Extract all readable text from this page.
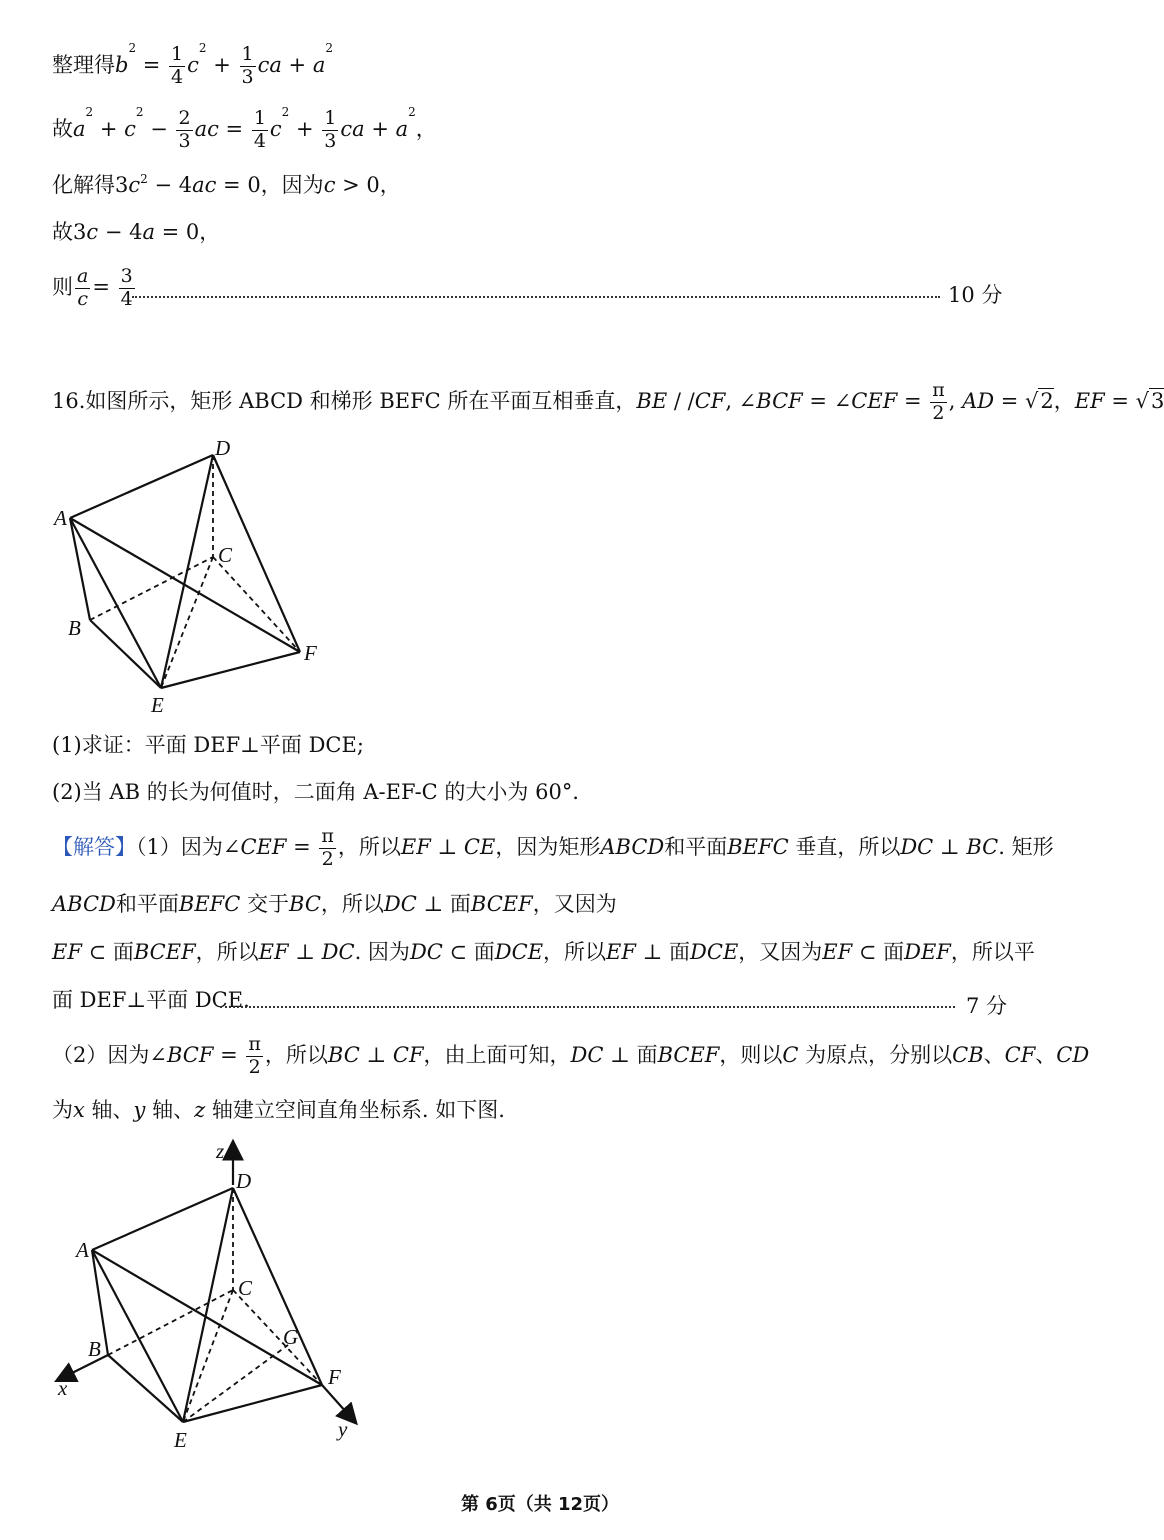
整理得$b^2 = \frac{1}{4} c^2 + \frac{1}{3}$ ca + $a^2$
故$a^2 + c^2 - \frac{2}{3}$ ac = $\frac{1}{4} c^2 + \frac{1}{3}$ ca + $a^2$，
化解得$3c^2 - 4ac = 0$，因为c > 0，
故3c − 4a = 0，
则 $\frac{a}{c} = \frac{3}{4}$	10 分
16.如图所示，矩形 ABCD 和梯形 BEFC 所在平面互相垂直，BE / /CF, ∠BCF = ∠CEF = $\frac{\pi}{2}$ , AD = √2，EF = √3
D
A
C
B
F
E
(1)求证：平面 DEF⊥平面 DCE;
(2)当 AB 的长为何值时，二面角 A-EF-C 的大小为 60°．
【解答】（1）因为∠CEF = $\frac{\pi}{2}$ ，所以EF ⊥ CE，因为矩形ABCD和平面BEFC 垂直，所以DC ⊥ BC. 矩形
ABCD和平面BEFC 交于BC，所以DC ⊥ 面BCEF，又因为
EF ⊂ 面BCEF，所以EF ⊥ DC. 因为DC ⊂ 面DCE，所以EF ⊥ 面DCE，又因为EF ⊂ 面DEF，所以平
面 DEF⊥平面 DCE.	7 分
（2）因为∠BCF = $\frac{\pi}{2}$ ，所以BC ⊥ CF，由上面可知，DC ⊥ 面BCEF，则以C 为原点，分别以CB、CF、CD
为x 轴、y 轴、z 轴建立空间直角坐标系. 如下图.
z
D
A
C
G
B
F
x
E	y
第 6页（共 12页）
